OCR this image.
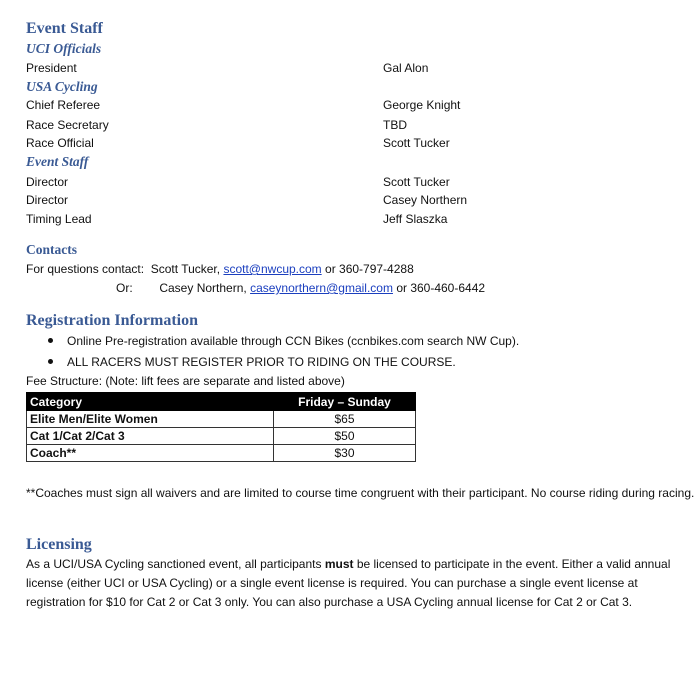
Event Staff
UCI Officials
President	Gal Alon
USA Cycling
Chief Referee	George Knight
Race Secretary	TBD
Race Official	Scott Tucker
Event Staff
Director	Scott Tucker
Director	Casey Northern
Timing Lead	Jeff Slaszka
Contacts
For questions contact: Scott Tucker, scott@nwcup.com or 360-797-4288
Or: Casey Northern, caseynorthern@gmail.com or 360-460-6442
Registration Information
Online Pre-registration available through CCN Bikes (ccnbikes.com search NW Cup).
ALL RACERS MUST REGISTER PRIOR TO RIDING ON THE COURSE.
Fee Structure: (Note: lift fees are separate and listed above)
Category	Friday – Sunday
Elite Men/Elite Women	$65
Cat 1/Cat 2/Cat 3	$50
Coach**	$30
**Coaches must sign all waivers and are limited to course time congruent with their participant. No course riding during racing.
Licensing
As a UCI/USA Cycling sanctioned event, all participants must be licensed to participate in the event. Either a valid annual license (either UCI or USA Cycling) or a single event license is required. You can purchase a single event license at registration for $10 for Cat 2 or Cat 3 only. You can also purchase a USA Cycling annual license for Cat 2 or Cat 3.
